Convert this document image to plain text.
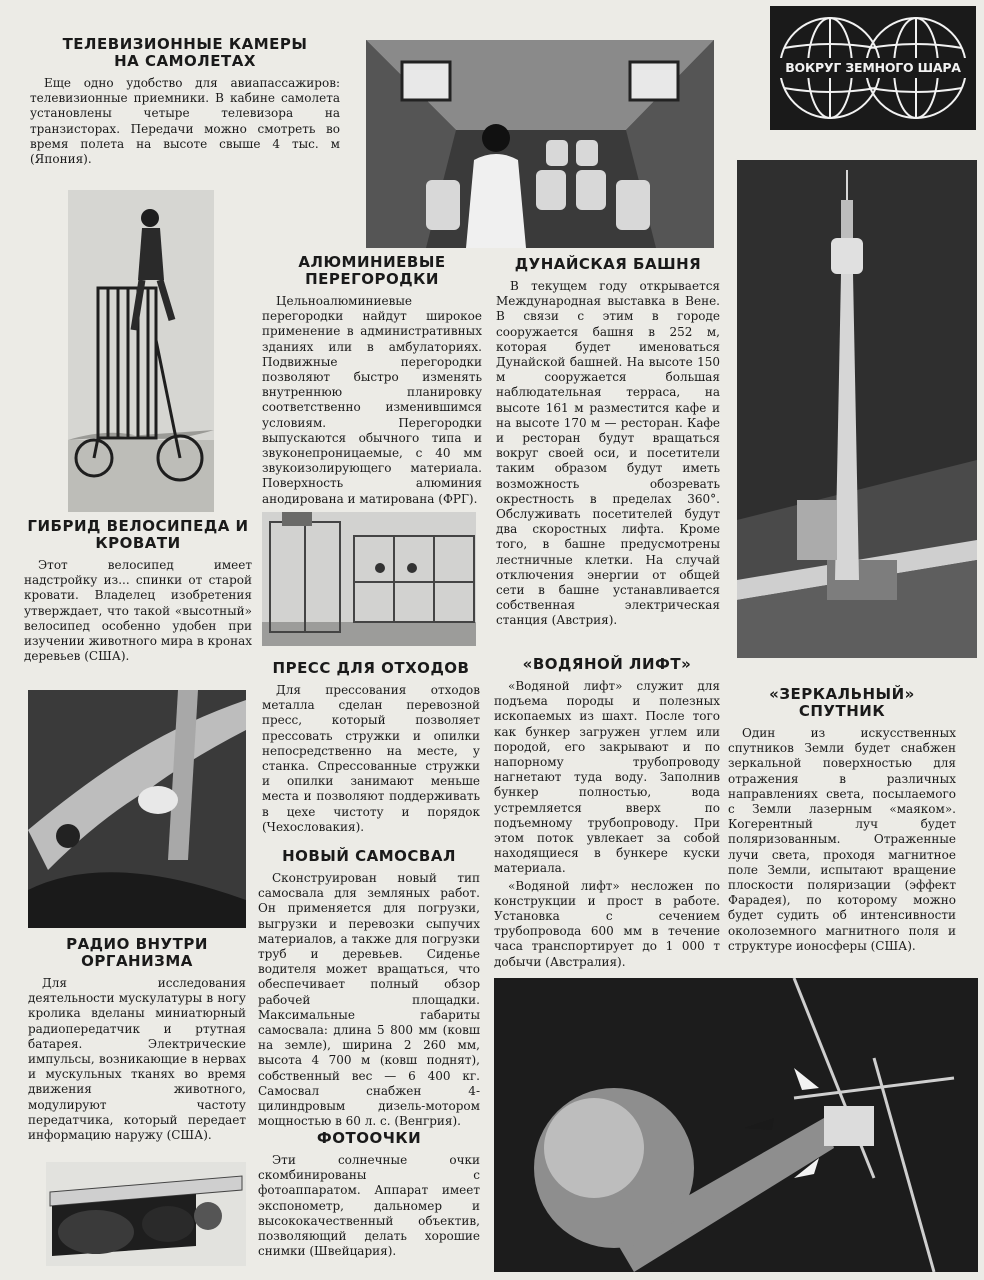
ВОКРУГ ЗЕМНОГО ШАРА
ТЕЛЕВИЗИОННЫЕ КАМЕРЫ НА САМОЛЕТАХ

Еще одно удобство для авиапассажиров: телевизионные приемники. В кабине самолета установлены четыре телевизора на транзисторах. Передачи можно смотреть во время полета на высоте свыше 4 тыс. м (Япония).

ГИБРИД ВЕЛОСИПЕДА И КРОВАТИ

Этот велосипед имеет надстройку из... спинки от старой кровати. Владелец изобретения утверждает, что такой «высотный» велосипед особенно удобен при изучении животного мира в кронах деревьев (США).

РАДИО ВНУТРИ ОРГАНИЗМА

Для исследования деятельности мускулатуры в ногу кролика вделаны миниатюрный радиопередатчик и ртутная батарея. Электрические импульсы, возникающие в нервах и мускульных тканях во время движения животного, модулируют частоту передатчика, который передает информацию наружу (США).

АЛЮМИНИЕВЫЕ ПЕРЕГОРОДКИ

Цельноалюминиевые перегородки найдут широкое применение в административных зданиях или в амбулаториях. Подвижные перегородки позволяют быстро изменять внутреннюю планировку соответственно изменившимся условиям. Перегородки выпускаются обычного типа и звуконепроницаемые, с 40 мм звукоизолирующего материала. Поверхность алюминия анодирована и матирована (ФРГ).

ПРЕСС ДЛЯ ОТХОДОВ

Для прессования отходов металла сделан перевозной пресс, который позволяет прессовать стружки и опилки непосредственно на месте, у станка. Спрессованные стружки и опилки занимают меньше места и позволяют поддерживать в цехе чистоту и порядок (Чехословакия).

НОВЫЙ САМОСВАЛ

Сконструирован новый тип самосвала для земляных работ. Он применяется для погрузки, выгрузки и перевозки сыпучих материалов, а также для погрузки труб и деревьев. Сиденье водителя может вращаться, что обеспечивает полный обзор рабочей площадки. Максимальные габариты самосвала: длина 5 800 мм (ковш на земле), ширина 2 260 мм, высота 4 700 м (ковш поднят), собственный вес — 6 400 кг. Самосвал снабжен 4-цилиндровым дизель-мотором мощностью в 60 л. с. (Венгрия).

ФОТООЧКИ

Эти солнечные очки скомбинированы с фотоаппаратом. Аппарат имеет экспонометр, дальномер и высококачественный объектив, позволяющий делать хорошие снимки (Швейцария).

ДУНАЙСКАЯ БАШНЯ

В текущем году открывается Международная выставка в Вене. В связи с этим в городе сооружается башня в 252 м, которая будет именоваться Дунайской башней. На высоте 150 м сооружается большая наблюдательная терраса, на высоте 161 м разместится кафе и на высоте 170 м — ресторан. Кафе и ресторан будут вращаться вокруг своей оси, и посетители таким образом будут иметь возможность обозревать окрестность в пределах 360°. Обслуживать посетителей будут два скоростных лифта. Кроме того, в башне предусмотрены лестничные клетки. На случай отключения энергии от общей сети в башне устанавливается собственная электрическая станция (Австрия).

«ВОДЯНОЙ ЛИФТ»

«Водяной лифт» служит для подъема породы и полезных ископаемых из шахт. После того как бункер загружен углем или породой, его закрывают и по напорному трубопроводу нагнетают туда воду. Заполнив бункер полностью, вода устремляется вверх по подъемному трубопроводу. При этом поток увлекает за собой находящиеся в бункере куски материала.

«Водяной лифт» несложен по конструкции и прост в работе. Установка с сечением трубопровода 600 мм в течение часа транспортирует до 1 000 т добычи (Австралия).

«ЗЕРКАЛЬНЫЙ» СПУТНИК

Один из искусственных спутников Земли будет снабжен зеркальной поверхностью для отражения в различных направлениях света, посылаемого с Земли лазерным «маяком». Когерентный луч будет поляризованным. Отраженные лучи света, проходя магнитное поле Земли, испытают вращение плоскости поляризации (эффект Фарадея), по которому можно будет судить об интенсивности околоземного магнитного поля и структуре ионосферы (США).
